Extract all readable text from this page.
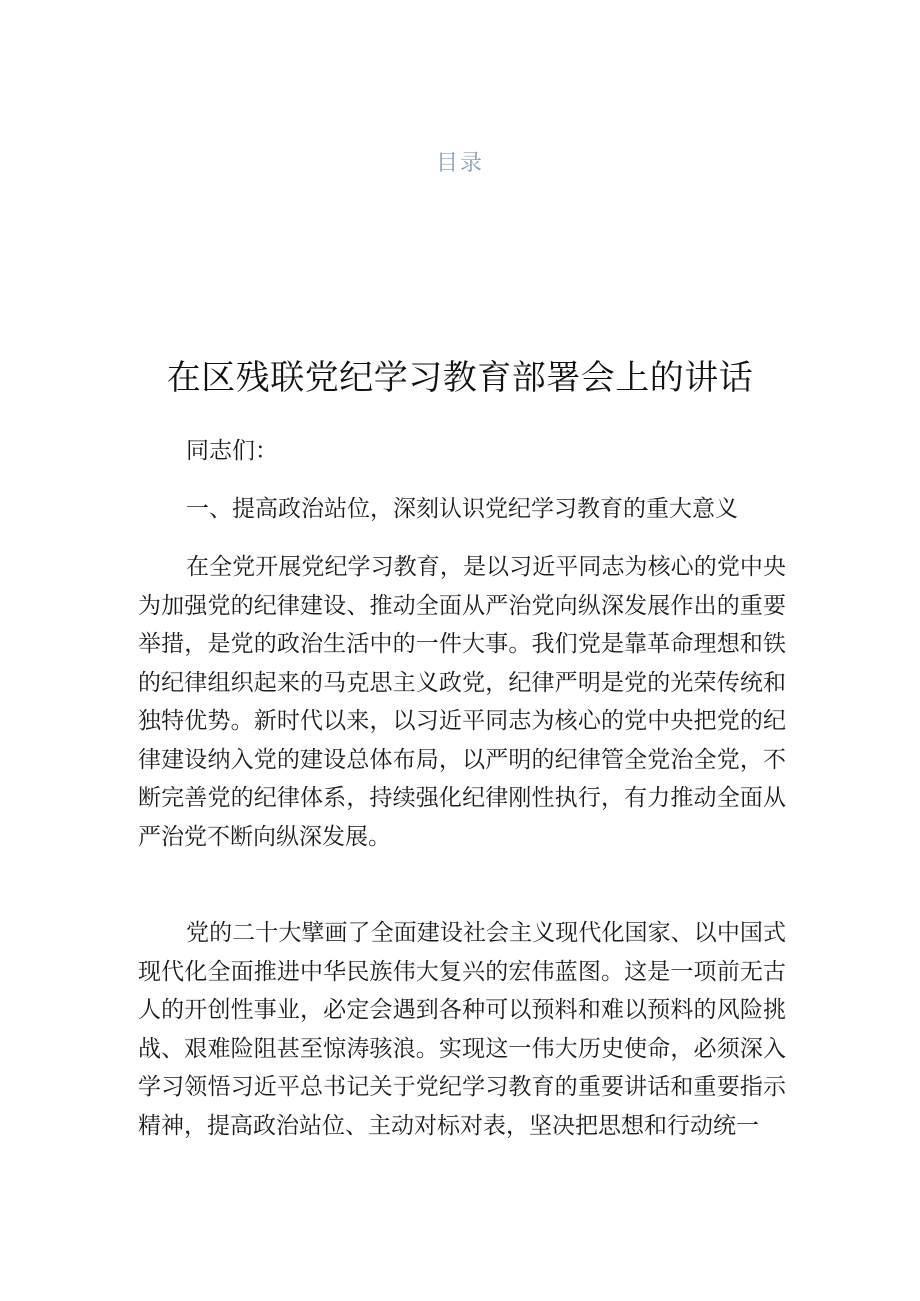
目录
在区残联党纪学习教育部署会上的讲话
同志们：
一、提高政治站位，深刻认识党纪学习教育的重大意义
在全党开展党纪学习教育，是以习近平同志为核心的党中央为加强党的纪律建设、推动全面从严治党向纵深发展作出的重要举措，是党的政治生活中的一件大事。我们党是靠革命理想和铁的纪律组织起来的马克思主义政党，纪律严明是党的光荣传统和独特优势。新时代以来，以习近平同志为核心的党中央把党的纪律建设纳入党的建设总体布局，以严明的纪律管全党治全党，不断完善党的纪律体系，持续强化纪律刚性执行，有力推动全面从严治党不断向纵深发展。
党的二十大擘画了全面建设社会主义现代化国家、以中国式现代化全面推进中华民族伟大复兴的宏伟蓝图。这是一项前无古人的开创性事业，必定会遇到各种可以预料和难以预料的风险挑战、艰难险阻甚至惊涛骇浪。实现这一伟大历史使命，必须深入学习领悟习近平总书记关于党纪学习教育的重要讲话和重要指示精神，提高政治站位、主动对标对表，坚决把思想和行动统一
